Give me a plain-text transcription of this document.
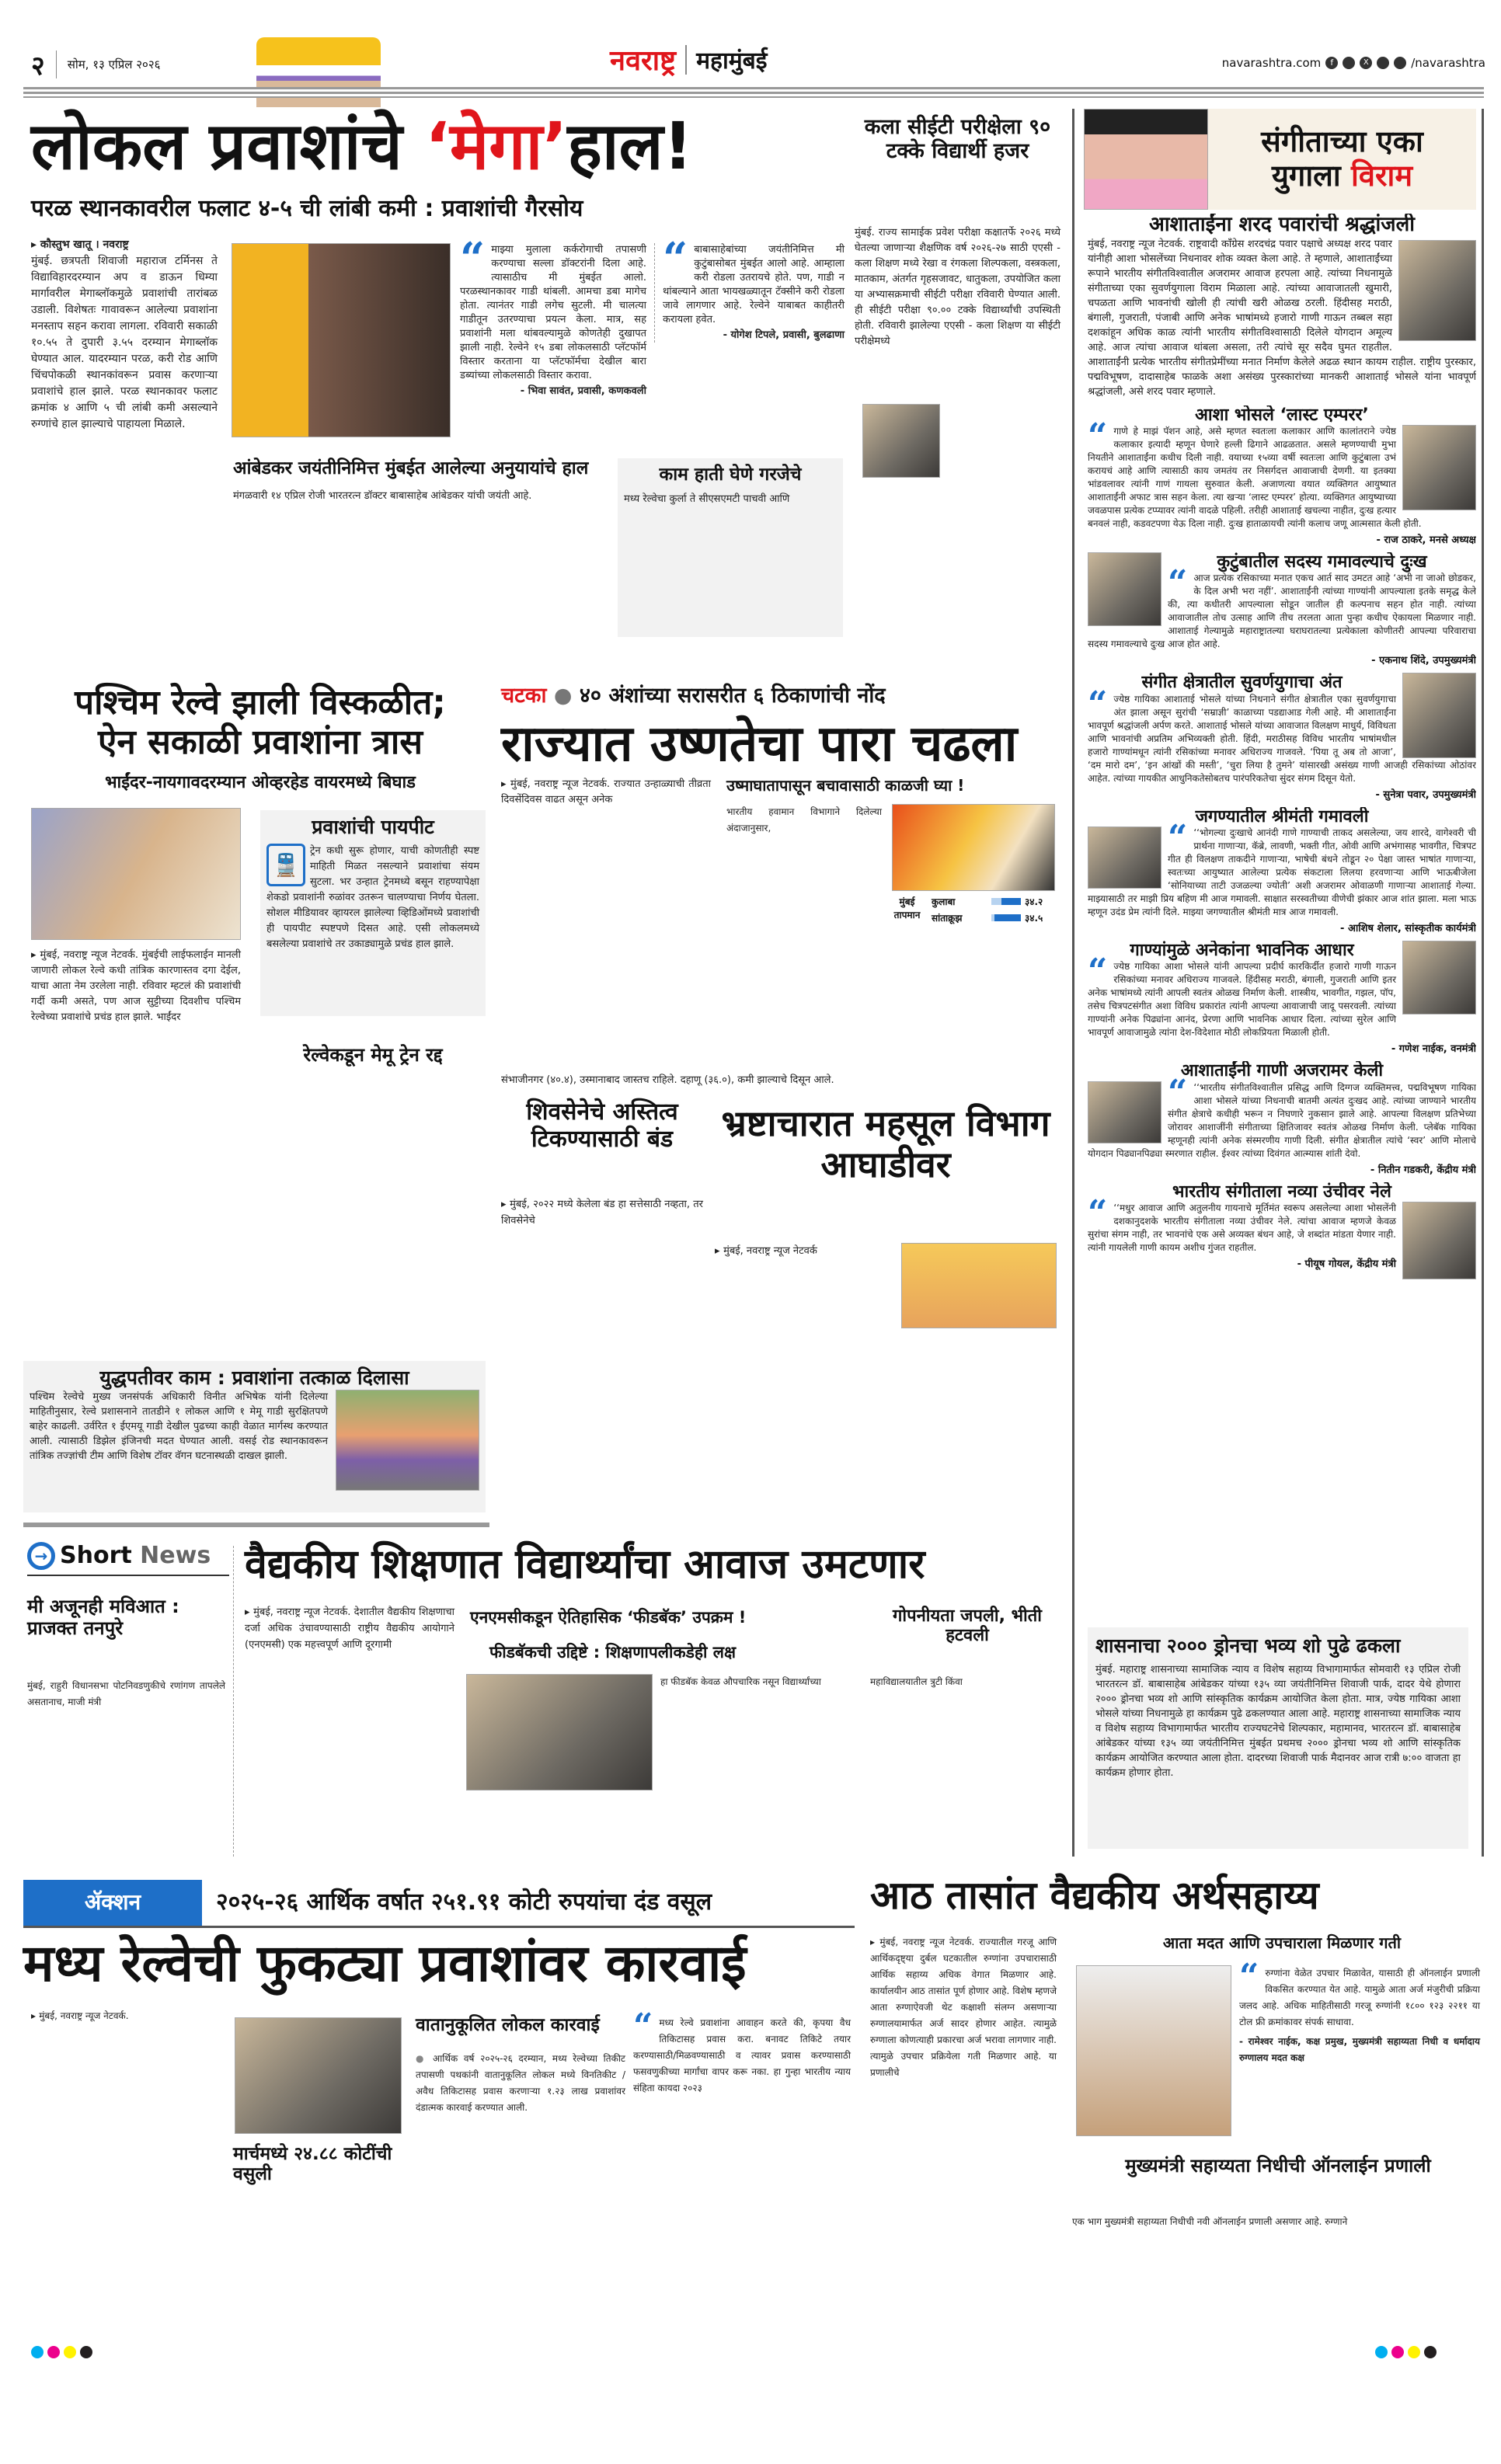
२ सोम, १३ एप्रिल २०२६	नवराष्ट्र महामुंबई	navarashtra.com	f	X	/navarashtra
लोकल प्रवाशांचे ‘मेगा’हाल!
परळ स्थानकावरील फलाट ४-५ ची लांबी कमी : प्रवाशांची गैरसोय
▸ कौस्तुभ खातू । नवराष्ट्र
मुंबई. छत्रपती शिवाजी महाराज टर्मिनस ते विद्याविहारदरम्यान अप व डाऊन धिम्या मार्गावरील मेगाब्लॉकमुळे प्रवाशांची तारांबळ उडाली. विशेषतः गावावरून आलेल्या प्रवाशांना मनस्ताप सहन करावा लागला. रविवारी सकाळी १०.५५ ते दुपारी ३.५५ दरम्यान मेगाब्लॉक घेण्यात आल. यादरम्यान परळ, करी रोड आणि चिंचपोकळी स्थानकांवरून प्रवास करणाऱ्या प्रवाशांचे हाल झाले. परळ स्थानकावर फलाट क्रमांक ४ आणि ५ ची लांबी कमी असल्याने रुग्णांचे हाल झाल्याचे पाहायला मिळाले.
“ माझ्या मुलाला कर्करोगाची तपासणी करण्याचा सल्ला डॉक्टरांनी दिला आहे. त्यासाठीच मी मुंबईत आलो. परळस्थानकावर गाडी थांबली. आमचा डबा मागेच होता. त्यानंतर गाडी लगेच सुटली. मी चालत्या गाडीतून उतरण्याचा प्रयत्न केला. मात्र, सह प्रवाशांनी मला थांबवल्यामुळे कोणतेही दुखापत झाली नाही. रेल्वेने १५ डबा लोकलसाठी प्लॅटफॉर्म विस्तार करताना या प्लॅटफॉर्मचा देखील बारा डब्यांच्या लोकलसाठी विस्तार करावा.
- भिवा सावंत, प्रवासी, कणकवली
“ बाबासाहेबांच्या जयंतीनिमित्त मी कुटुंबासोबत मुंबईत आलो आहे. आम्हाला करी रोडला उतरायचे होते. पण, गाडी न थांबल्याने आता भायखळ्यातून टॅक्सीने करी रोडला जावे लागणार आहे. रेल्वेने याबाबत काहीतरी करायला हवेत.
- योगेश टिपले, प्रवासी, बुलढाणा
आंबेडकर जयंतीनिमित्त मुंबईत आलेल्या अनुयायांचे हाल
मंगळवारी १४ एप्रिल रोजी भारतरत्न डॉक्टर बाबासाहेब आंबेडकर यांची जयंती आहे.
काम हाती घेणे गरजेचे
मध्य रेल्वेचा कुर्ला ते सीएसएमटी पाचवी आणि
कला सीईटी परीक्षेला ९० टक्के विद्यार्थी हजर
मुंबई. राज्य सामाईक प्रवेश परीक्षा कक्षातर्फे २०२६ मध्ये घेतल्या जाणाऱ्या शैक्षणिक वर्ष २०२६-२७ साठी एएसी - कला शिक्षण मध्ये रेखा व रंगकला शिल्पकला, वस्त्रकला, मातकाम, अंतर्गत गृहसजावट, धातुकला, उपयोजित कला या अभ्यासक्रमाची सीईटी परीक्षा रविवारी घेण्यात आली. ही सीईटी परीक्षा ९०.०० टक्के विद्यार्थ्यांची उपस्थिती होती. रविवारी झालेल्या एएसी - कला शिक्षण या सीईटी परीक्षेमध्ये
संगीताच्या एका
युगाला विराम
आशाताईंना शरद पवारांची श्रद्धांजली
मुंबई, नवराष्ट्र न्यूज नेटवर्क. राष्ट्रवादी काँग्रेस शरदचंद्र पवार पक्षाचे अध्यक्ष शरद पवार यांनीही आशा भोसलेंच्या निधनावर शोक व्यक्त केला आहे. ते म्हणाले, आशाताईंच्या रूपाने भारतीय संगीतविश्वातील अजरामर आवाज हरपला आहे. त्यांच्या निधनामुळे संगीताच्या एका सुवर्णयुगाला विराम मिळाला आहे. त्यांच्या आवाजातली खुमारी, चपळता आणि भावनांची खोली ही त्यांची खरी ओळख ठरली. हिंदीसह मराठी, बंगाली, गुजराती, पंजाबी आणि अनेक भाषांमध्ये हजारो गाणी गाऊन तब्बल सहा दशकांहून अधिक काळ त्यांनी भारतीय संगीतविश्वासाठी दिलेले योगदान अमूल्य आहे. आज त्यांचा आवाज थांबला असला, तरी त्यांचे सूर सदैव घुमत राहतील. आशाताईंनी प्रत्येक भारतीय संगीतप्रेमींच्या मनात निर्माण केलेले अढळ स्थान कायम राहील. राष्ट्रीय पुरस्कार, पद्मविभूषण, दादासाहेब फाळके अशा असंख्य पुरस्कारांच्या मानकरी आशाताई भोसले यांना भावपूर्ण श्रद्धांजली, असे शरद पवार म्हणाले.
आशा भोसले ‘लास्ट एम्परर’
“ गाणे हे माझं पॅशन आहे, असे म्हणत स्वतःला कलाकार आणि कालांतराने ज्येष्ठ कलाकार इत्यादी म्हणून घेणारे हल्ली ढिगाने आढळतात. असले म्हणण्याची मुभा नियतीने आशाताईंना कधीच दिली नाही. वयाच्या १५व्या वर्षी स्वतःला आणि कुटुंबाला उभं करायचं आहे आणि त्यासाठी काय जमतंय तर निसर्गदत्त आवाजाची देणगी. या इतक्या भांडवलावर त्यांनी गाणं गायला सुरुवात केली. अजाणत्या वयात व्यक्तिगत आयुष्यात आशाताईंनी अफाट त्रास सहन केला. त्या खऱ्या ‘लास्ट एम्परर’ होत्या. व्यक्तिगत आयुष्याच्या जवळपास प्रत्येक टप्प्यावर त्यांनी वादळे पहिली. तरीही आशाताई खचल्या नाहीत, दुःख हत्यार बनवलं नाही, कडवटपणा येऊ दिला नाही. दुःख हाताळायची त्यांनी कलाच जणू आत्मसात केली होती.
- राज ठाकरे, मनसे अध्यक्ष
कुटुंबातील सदस्य गमावल्याचे दुःख
“ आज प्रत्येक रसिकाच्या मनात एकच आर्त साद उमटत आहे ‘अभी ना जाओ छोडकर, के दिल अभी भरा नहीं’. आशाताईंनी त्यांच्या गाण्यांनी आपल्याला इतके समृद्ध केले की, त्या कधीतरी आपल्याला सोडून जातील ही कल्पनाच सहन होत नाही. त्यांच्या आवाजातील तोच उत्साह आणि तीच तरलता आता पुन्हा कधीच ऐकायला मिळणार नाही. आशाताई गेल्यामुळे महाराष्ट्रातल्या घराघरातल्या प्रत्येकाला कोणीतरी आपल्या परिवाराचा सदस्य गमावल्याचे दुःख आज होत आहे.
- एकनाथ शिंदे, उपमुख्यमंत्री
संगीत क्षेत्रातील सुवर्णयुगाचा अंत
“ ज्येष्ठ गायिका आशाताई भोसले यांच्या निधनाने संगीत क्षेत्रातील एका सुवर्णयुगाचा अंत झाला असून सुरांची ‘सम्राज्ञी’ काळाच्या पडद्याआड गेली आहे. मी आशाताईंना भावपूर्ण श्रद्धांजली अर्पण करते. आशाताई भोसले यांच्या आवाजात विलक्षण माधुर्य, विविधता आणि भावनांची अप्रतिम अभिव्यक्ती होती. हिंदी, मराठीसह विविध भारतीय भाषांमधील हजारो गाण्यांमधून त्यांनी रसिकांच्या मनावर अधिराज्य गाजवले. ‘पिया तू अब तो आजा’, ‘दम मारो दम’, ‘इन आंखों की मस्ती’, ‘चुरा लिया है तुमने’ यांसारखी असंख्य गाणी आजही रसिकांच्या ओठांवर आहेत. त्यांच्या गायकीत आधुनिकतेसोबतच पारंपरिकतेचा सुंदर संगम दिसून येतो.
- सुनेत्रा पवार, उपमुख्यमंत्री
जगण्यातील श्रीमंती गमावली
“ ‘‘भोगल्या दुःखाचे आनंदी गाणे गाण्याची ताकद असलेल्या, जय शारदे, वागेश्वरी ची प्रार्थना गाणाऱ्या, कॅब्रे, लावणी, भक्ती गीत, ओवी आणि अभंगासह भावगीत, चित्रपट गीत ही विलक्षण ताकदीने गाणाऱ्या, भाषेची बंधने तोडून २० पेक्षा जास्त भाषांत गाणाऱ्या, स्वतःच्या आयुष्यात आलेल्या प्रत्येक संकटाला लिलया हरवणाऱ्या आणि भाऊबीजेला ‘सोनियाच्या ताटी उजळल्या ज्योती’ अशी अजरामर ओवाळणी गाणाऱ्या आशाताई गेल्या. माझ्यासाठी तर माझी प्रिय बहिण मी आज गमावली. साक्षात सरस्वतीच्या वीणेची झंकार आज शांत झाला. मला भाऊ म्हणून उदंड प्रेम त्यांनी दिले. माझ्या जगण्यातील श्रीमंती मात्र आज गमावली.
- आशिष शेलार, सांस्कृतीक कार्यमंत्री
गाण्यांमुळे अनेकांना भावनिक आधार
“ ज्येष्ठ गायिका आशा भोसले यांनी आपल्या प्रदीर्घ कारकिर्दीत हजारो गाणी गाऊन रसिकांच्या मनावर अधिराज्य गाजवले. हिंदीसह मराठी, बंगाली, गुजराती आणि इतर अनेक भाषांमध्ये त्यांनी आपली स्वतंत्र ओळख निर्माण केली. शास्त्रीय, भावगीत, गझल, पॉप, तसेच चित्रपटसंगीत अशा विविध प्रकारांत त्यांनी आपल्या आवाजाची जादू पसरवली. त्यांच्या गाण्यांनी अनेक पिढ्यांना आनंद, प्रेरणा आणि भावनिक आधार दिला. त्यांच्या सुरेल आणि भावपूर्ण आवाजामुळे त्यांना देश-विदेशात मोठी लोकप्रियता मिळाली होती.
- गणेश नाईक, वनमंत्री
आशाताईंनी गाणी अजरामर केली
“ ‘‘भारतीय संगीतविश्वातील प्रसिद्ध आणि दिग्गज व्यक्तिमत्त्व, पद्मविभूषण गायिका आशा भोसले यांच्या निधनाची बातमी अत्यंत दुःखद आहे. त्यांच्या जाण्याने भारतीय संगीत क्षेत्राचे कधीही भरून न निघणारे नुकसान झाले आहे. आपल्या विलक्षण प्रतिभेच्या जोरावर आशाजींनी संगीताच्या क्षितिजावर स्वतंत्र ओळख निर्माण केली. प्लेबॅक गायिका म्हणूनही त्यांनी अनेक संस्मरणीय गाणी दिली. संगीत क्षेत्रातील त्यांचे ‘स्वर’ आणि मोलाचे योगदान पिढ्यानपिढ्या स्मरणात राहील. ईश्वर त्यांच्या दिवंगत आत्म्यास शांती देवो.
- नितीन गडकरी, केंद्रीय मंत्री
भारतीय संगीताला नव्या उंचीवर नेले
“ ‘‘मधुर आवाज आणि अतुलनीय गायनाचे मूर्तिमंत स्वरूप असलेल्या आशा भोसलेंनी दशकानुदशके भारतीय संगीताला नव्या उंचीवर नेले. त्यांचा आवाज म्हणजे केवळ सुरांचा संगम नाही, तर भावनांचे एक असे अव्यक्त बंधन आहे, जे शब्दांत मांडता येणार नाही. त्यांनी गायलेली गाणी कायम अशीच गुंजत राहतील.
- पीयूष गोयल, केंद्रीय मंत्री
शासनाचा २००० ड्रोनचा भव्य शो पुढे ढकला
मुंबई. महाराष्ट्र शासनाच्या सामाजिक न्याय व विशेष सहाय्य विभागामार्फत सोमवारी १३ एप्रिल रोजी भारतरत्न डॉ. बाबासाहेब आंबेडकर यांच्या १३५ व्या जयंतीनिमित्त शिवाजी पार्क, दादर येथे होणारा २००० ड्रोनचा भव्य शो आणि सांस्कृतिक कार्यक्रम आयोजित केला होता. मात्र, ज्येष्ठ गायिका आशा भोसले यांच्या निधनामुळे हा कार्यक्रम पुढे ढकलण्यात आला आहे. महाराष्ट्र शासनाच्या सामाजिक न्याय व विशेष सहाय्य विभागामार्फत भारतीय राज्यघटनेचे शिल्पकार, महामानव, भारतरत्न डॉ. बाबासाहेब आंबेडकर यांच्या १३५ व्या जयंतीनिमित्त मुंबईत प्रथमच २००० ड्रोनचा भव्य शो आणि सांस्कृतिक कार्यक्रम आयोजित करण्यात आला होता. दादरच्या शिवाजी पार्क मैदानवर आज रात्री ७:०० वाजता हा कार्यक्रम होणार होता.
पश्चिम रेल्वे झाली विस्कळीत;
ऐन सकाळी प्रवाशांना त्रास
भाईंदर-नायगावदरम्यान ओव्हरहेड वायरमध्ये बिघाड
▸ मुंबई, नवराष्ट्र न्यूज नेटवर्क. मुंबईची लाईफलाईन मानली जाणारी लोकल रेल्वे कधी तांत्रिक कारणास्तव दगा देईल, याचा आता नेम उरलेला नाही. रविवार म्हटलं की प्रवाशांची गर्दी कमी असते, पण आज सुट्टीच्या दिवशीच पश्चिम रेल्वेच्या प्रवाशांचे प्रचंड हाल झाले. भाईंदर
प्रवाशांची पायपीट
🚆
ट्रेन कधी सुरू होणार, याची कोणतीही स्पष्ट माहिती मिळत नसल्याने प्रवाशांचा संयम सुटला. भर उन्हात ट्रेनमध्ये बसून राहण्यापेक्षा शेकडो प्रवाशांनी रुळांवर उतरून चालण्याचा निर्णय घेतला. सोशल मीडियावर व्हायरल झालेल्या व्हिडिओंमध्ये प्रवाशांची ही पायपीट स्पष्टपणे दिसत आहे. एसी लोकलमध्ये बसलेल्या प्रवाशांचे तर उकाड्यामुळे प्रचंड हाल झाले.
रेल्वेकडून मेमू ट्रेन रद्द
युद्धपतीवर काम : प्रवाशांना तत्काळ दिलासा
पश्चिम रेल्वेचे मुख्य जनसंपर्क अधिकारी विनीत अभिषेक यांनी दिलेल्या माहितीनुसार, रेल्वे प्रशासनाने तातडीने १ लोकल आणि १ मेमू गाडी सुरक्षितपणे बाहेर काढली. उर्वरित १ ईएमयू गाडी देखील पुढच्या काही वेळात मार्गस्थ करण्यात आली. त्यासाठी डिझेल इंजिनची मदत घेण्यात आली. वसई रोड स्थानकावरून तांत्रिक तज्ज्ञांची टीम आणि विशेष टॉवर वॅगन घटनास्थळी दाखल झाली.
चटका ● ४० अंशांच्या सरासरीत ६ ठिकाणांची नोंद
राज्यात उष्णतेचा पारा चढला
▸ मुंबई, नवराष्ट्र न्यूज नेटवर्क. राज्यात उन्हाळ्याची तीव्रता दिवसेंदिवस वाढत असून अनेक
संभाजीनगर (४०.४), उस्मानाबाद जास्तच राहिले. दहाणू (३६.०), कमी झाल्याचे दिसून आले.
उष्माघातापासून बचावासाठी काळजी घ्या !
भारतीय हवामान विभागाने दिलेल्या अंदाजानुसार,
मुंबई
तापमान
कुलाबा	३४.२
सांताक्रूझ	३४.५
शिवसेनेचे अस्तित्व टिकण्यासाठी बंड
▸ मुंबई, २०२२ मध्ये केलेला बंड हा सत्तेसाठी नव्हता, तर शिवसेनेचे
भ्रष्टाचारात महसूल विभाग आघाडीवर
▸ मुंबई, नवराष्ट्र न्यूज नेटवर्क
→ Short News
मी अजूनही मविआत : प्राजक्त तनपुरे
मुंबई, राहुरी विधानसभा पोटनिवडणुकीचे रणांगण तापलेले असतानाच, माजी मंत्री
वैद्यकीय शिक्षणात विद्यार्थ्यांचा आवाज उमटणार
▸ मुंबई, नवराष्ट्र न्यूज नेटवर्क. देशातील वैद्यकीय शिक्षणाचा दर्जा अधिक उंचावण्यासाठी राष्ट्रीय वैद्यकीय आयोगाने (एनएमसी) एक महत्त्वपूर्ण आणि दूरगामी
एनएमसीकडून ऐतिहासिक ‘फीडबॅक’ उपक्रम !
फीडबॅकची उद्दिष्टे : शिक्षणापलीकडेही लक्ष
हा फीडबॅक केवळ औपचारिक नसून विद्यार्थ्यांच्या
गोपनीयता जपली, भीती हटवली
महाविद्यालयातील त्रुटी किंवा
ॲक्शन	२०२५-२६ आर्थिक वर्षात २५१.९१ कोटी रुपयांचा दंड वसूल
मध्य रेल्वेची फुकट्या प्रवाशांवर कारवाई
▸ मुंबई, नवराष्ट्र न्यूज नेटवर्क.
मार्चमध्ये २४.८८ कोटींची वसुली
वातानुकूलित लोकल कारवाई
● आर्थिक वर्ष २०२५-२६ दरम्यान, मध्य रेल्वेच्या तिकीट तपासणी पथकांनी वातानुकूलित लोकल मध्ये विनतिकीट / अवैध तिकिटासह प्रवास करणाऱ्या १.२३ लाख प्रवाशांवर दंडात्मक कारवाई करण्यात आली.
“ मध्य रेल्वे प्रवाशांना आवाहन करते की, कृपया वैध तिकिटासह प्रवास करा. बनावट तिकिटे तयार करण्यासाठी/मिळवण्यासाठी व त्यावर प्रवास करण्यासाठी फसवणुकीच्या मार्गांचा वापर करू नका. हा गुन्हा भारतीय न्याय संहिता कायदा २०२३
आठ तासांत वैद्यकीय अर्थसहाय्य
▸ मुंबई, नवराष्ट्र न्यूज नेटवर्क. राज्यातील गरजू आणि आर्थिकदृष्ट्या दुर्बल घटकातील रुग्णांना उपचारासाठी आर्थिक सहाय्य अधिक वेगात मिळणार आहे. कार्यालयीन आठ तासांत पूर्ण होणार आहे. विशेष म्हणजे आता रुग्णाऐवजी थेट कक्षाशी संलग्न असणाऱ्या रुग्णालयामार्फत अर्ज सादर होणार आहेत. त्यामुळे रुग्णाला कोणत्याही प्रकारचा अर्ज भरावा लागणार नाही. त्यामुळे उपचार प्रक्रियेला गती मिळणार आहे. या प्रणालीचे
आता मदत आणि उपचाराला मिळणार गती
“ रुग्णांना वेळेत उपचार मिळावेत, यासाठी ही ऑनलाईन प्रणाली विकसित करण्यात येत आहे. यामुळे आता अर्ज मंजुरीची प्रक्रिया जलद आहे. अधिक माहितीसाठी गरजू रुग्णांनी १८०० १२३ २२११ या टोल फ्री क्रमांकावर संपर्क साधावा.
- रामेश्वर नाईक, कक्ष प्रमुख, मुख्यमंत्री सहाय्यता निधी व धर्मादाय रुग्णालय मदत कक्ष
मुख्यमंत्री सहाय्यता निधीची ऑनलाईन प्रणाली
एक भाग मुख्यमंत्री सहाय्यता निधीची नवी ऑनलाईन प्रणाली असणार आहे. रुग्णाने
